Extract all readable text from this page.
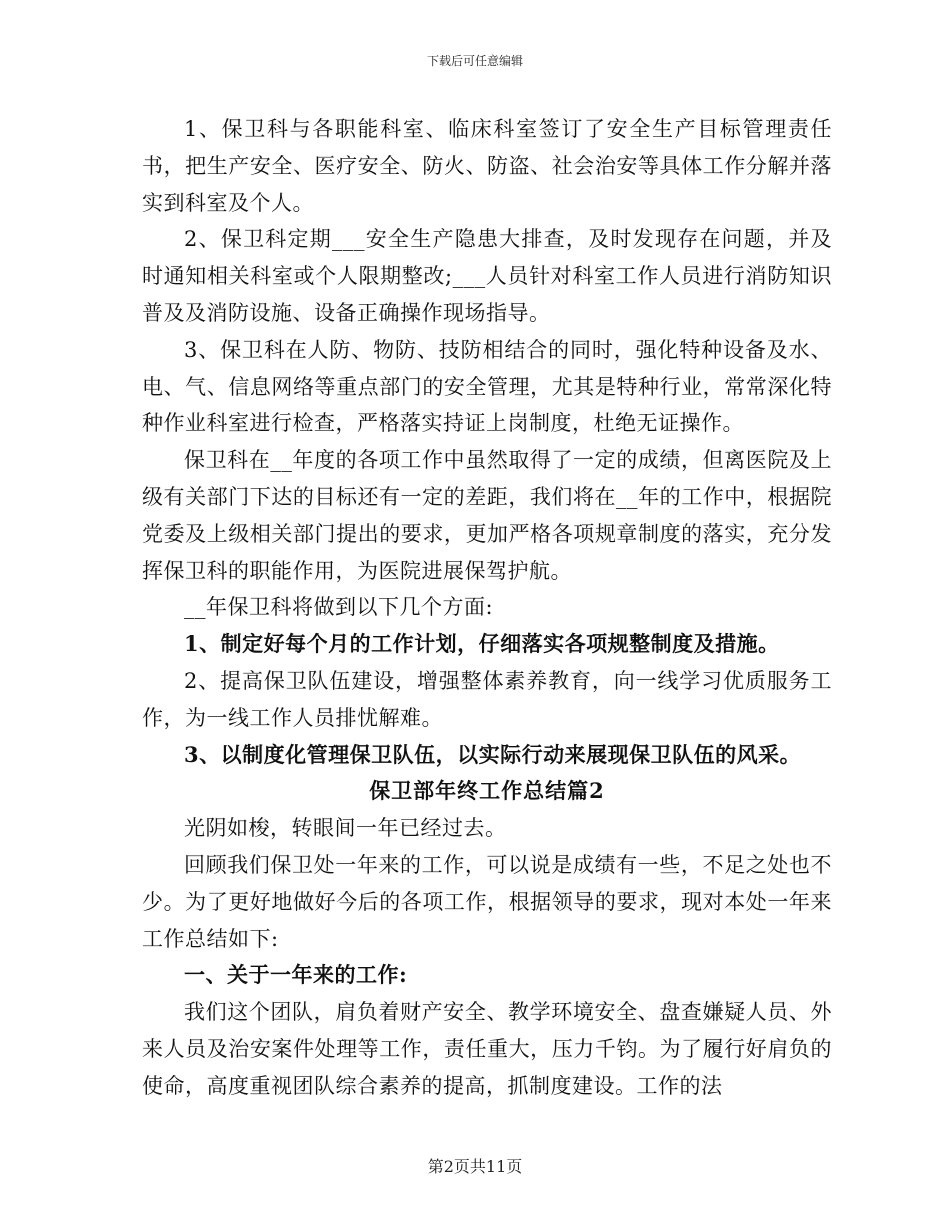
下载后可任意编辑

1、保卫科与各职能科室、临床科室签订了安全生产目标管理责任书，把生产安全、医疗安全、防火、防盗、社会治安等具体工作分解并落实到科室及个人。

2、保卫科定期___安全生产隐患大排查，及时发现存在问题，并及时通知相关科室或个人限期整改;___人员针对科室工作人员进行消防知识普及及消防设施、设备正确操作现场指导。

3、保卫科在人防、物防、技防相结合的同时，强化特种设备及水、电、气、信息网络等重点部门的安全管理，尤其是特种行业，常常深化特种作业科室进行检查，严格落实持证上岗制度，杜绝无证操作。

保卫科在__年度的各项工作中虽然取得了一定的成绩，但离医院及上级有关部门下达的目标还有一定的差距，我们将在__年的工作中，根据院党委及上级相关部门提出的要求，更加严格各项规章制度的落实，充分发挥保卫科的职能作用，为医院进展保驾护航。

__年保卫科将做到以下几个方面:

1、制定好每个月的工作计划，仔细落实各项规整制度及措施。

2、提高保卫队伍建设，增强整体素养教育，向一线学习优质服务工作，为一线工作人员排忧解难。

3、以制度化管理保卫队伍，以实际行动来展现保卫队伍的风采。

保卫部年终工作总结篇2

光阴如梭，转眼间一年已经过去。

回顾我们保卫处一年来的工作，可以说是成绩有一些，不足之处也不少。为了更好地做好今后的各项工作，根据领导的要求，现对本处一年来工作总结如下:

一、关于一年来的工作:

我们这个团队，肩负着财产安全、教学环境安全、盘查嫌疑人员、外来人员及治安案件处理等工作，责任重大，压力千钧。为了履行好肩负的使命，高度重视团队综合素养的提高，抓制度建设。工作的法

第2页共11页
